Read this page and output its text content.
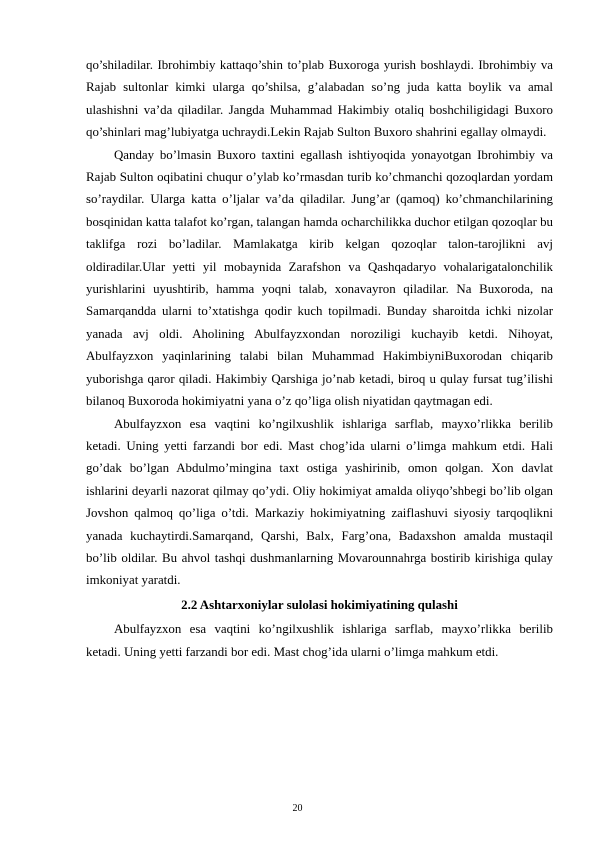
qo’shiladilar. Ibrohimbiy kattaqo’shin to’plab Buxoroga yurish boshlaydi. Ibrohimbiy va Rajab sultonlar kimki ularga qo’shilsa, g’alabadan so’ng juda katta boylik va amal ulashishni va’da qiladilar. Jangda Muhammad Hakimbiy otaliq boshchiligidagi Buxoro qo’shinlari mag’lubiyatga uchraydi.Lekin Rajab Sulton Buxoro shahrini egallay olmaydi.

Qanday bo’lmasin Buxoro taxtini egallash ishtiyoqida yonayotgan Ibrohimbiy va Rajab Sulton oqibatini chuqur o’ylab ko’rmasdan turib ko’chmanchi qozoqlardan yordam so’raydilar. Ularga katta o’ljalar va’da qiladilar. Jung’ar (qamoq) ko’chmanchilarining bosqinidan katta talafot ko’rgan, talangan hamda ocharchilikka duchor etilgan qozoqlar bu taklifga rozi bo’ladilar. Mamlakatga kirib kelgan qozoqlar talon-tarojlikni avj oldiradilar.Ular yetti yil mobaynida Zarafshon va Qashqadaryo vohalarigatalonchilik yurishlarini uyushtirib, hamma yoqni talab, xonavayron qiladilar. Na Buxoroda, na Samarqandda ularni to’xtatishga qodir kuch topilmadi. Bunday sharoitda ichki nizolar yanada avj oldi. Aholining Abulfayzxondan noroziligi kuchayib ketdi. Nihoyat, Abulfayzxon yaqinlarining talabi bilan Muhammad HakimbiyniBuxorodan chiqarib yuborishga qaror qiladi. Hakimbiy Qarshiga jo’nab ketadi, biroq u qulay fursat tug’ilishi bilanoq Buxoroda hokimiyatni yana o’z qo’liga olish niyatidan qaytmagan edi.

Abulfayzxon esa vaqtini ko’ngilxushlik ishlariga sarflab, mayxo’rlikka berilib ketadi. Uning yetti farzandi bor edi. Mast chog’ida ularni o’limga mahkum etdi. Hali go’dak bo’lgan Abdulmo’mingina taxt ostiga yashirinib, omon qolgan. Xon davlat ishlarini deyarli nazorat qilmay qo’ydi. Oliy hokimiyat amalda oliyqo’shbegi bo’lib olgan Jovshon qalmoq qo’liga o’tdi. Markaziy hokimiyatning zaiflashuvi siyosiy tarqoqlikni yanada kuchaytirdi.Samarqand, Qarshi, Balx, Farg’ona, Badaxshon amalda mustaqil bo’lib oldilar. Bu ahvol tashqi dushmanlarning Movarounnahrga bostirib kirishiga qulay imkoniyat yaratdi.

2.2 Ashtarxoniylar sulolasi hokimiyatining qulashi

Abulfayzxon esa vaqtini ko’ngilxushlik ishlariga sarflab, mayxo’rlikka berilib ketadi. Uning yetti farzandi bor edi. Mast chog’ida ularni o’limga mahkum etdi.

20
